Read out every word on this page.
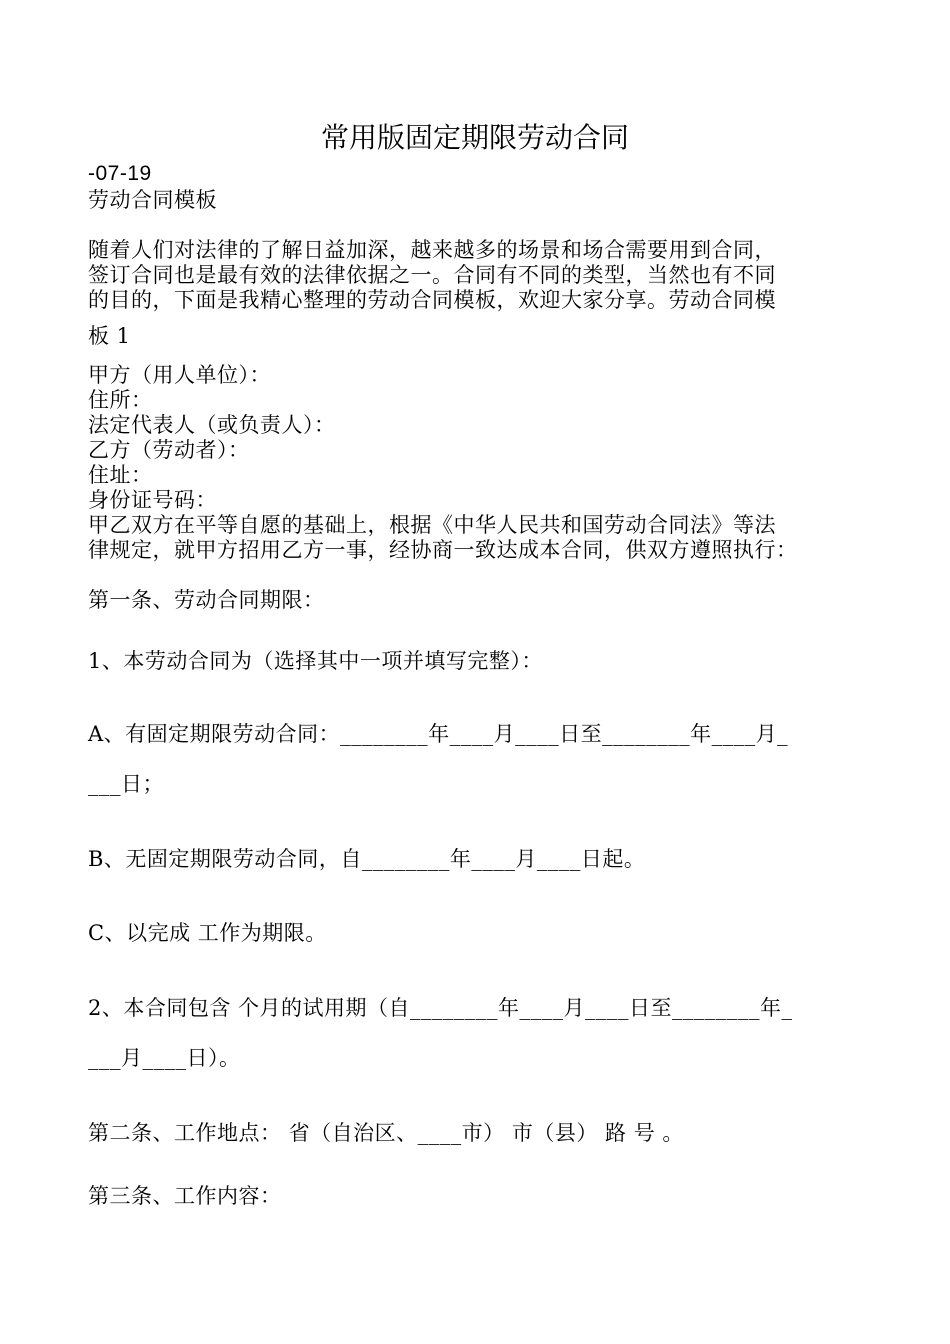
常用版固定期限劳动合同
-07-19
劳动合同模板
随着人们对法律的了解日益加深，越来越多的场景和场合需要用到合同，
签订合同也是最有效的法律依据之一。合同有不同的类型，当然也有不同
的目的，下面是我精心整理的劳动合同模板，欢迎大家分享。劳动合同模
板 1
甲方（用人单位）：
住所：
法定代表人（或负责人）：
乙方（劳动者）：
住址：
身份证号码：
甲乙双方在平等自愿的基础上，根据《中华人民共和国劳动合同法》等法
律规定，就甲方招用乙方一事，经协商一致达成本合同，供双方遵照执行：
第一条、劳动合同期限：
1、本劳动合同为（选择其中一项并填写完整）：
A、有固定期限劳动合同：________年____月____日至________年____月_
___日；
B、无固定期限劳动合同，自________年____月____日起。
C、以完成 工作为期限。
2、本合同包含 个月的试用期（自________年____月____日至________年_
___月____日）。
第二条、工作地点： 省（自治区、____市） 市（县） 路 号 。
第三条、工作内容：
